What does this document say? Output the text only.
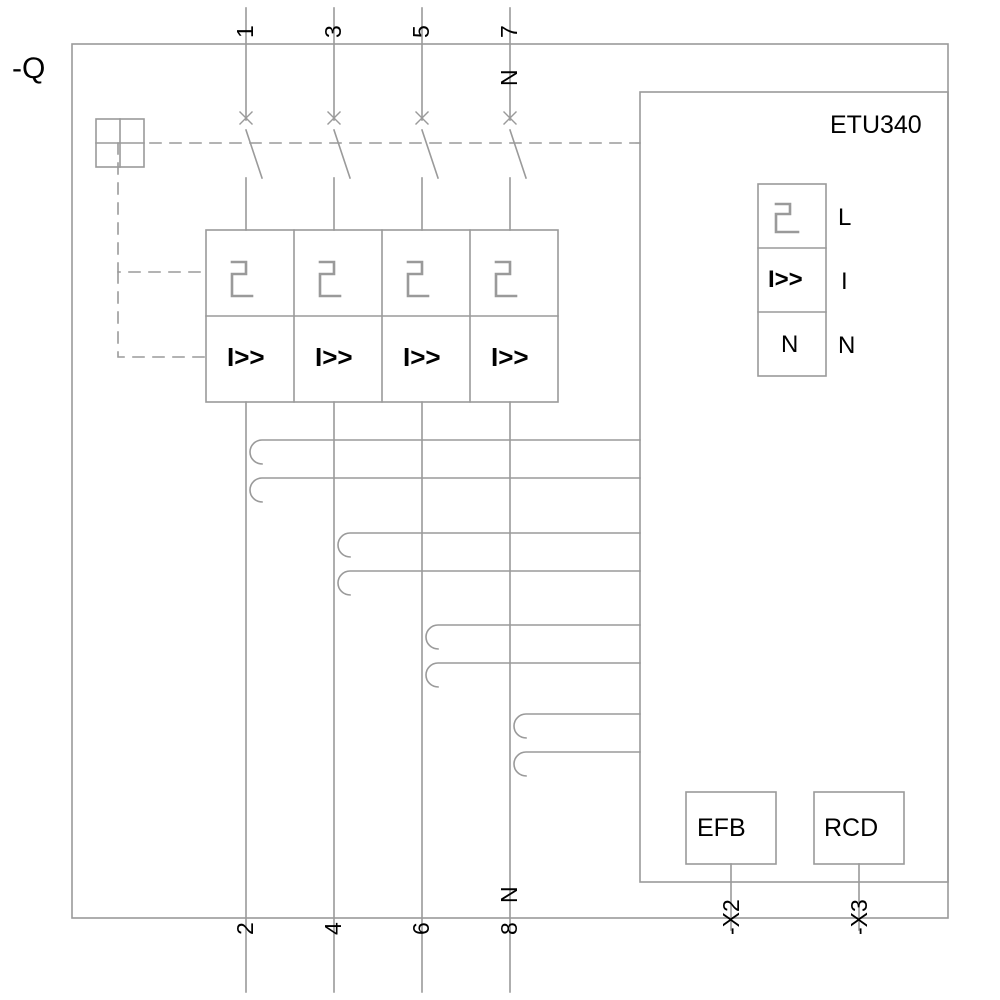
-Q
ETU340
1	3	5	7
N
2	4	6	8
N
I>> I>> I>> I>>
I>>
N
L
I
N
EFB	RCD
-X2	-X3
